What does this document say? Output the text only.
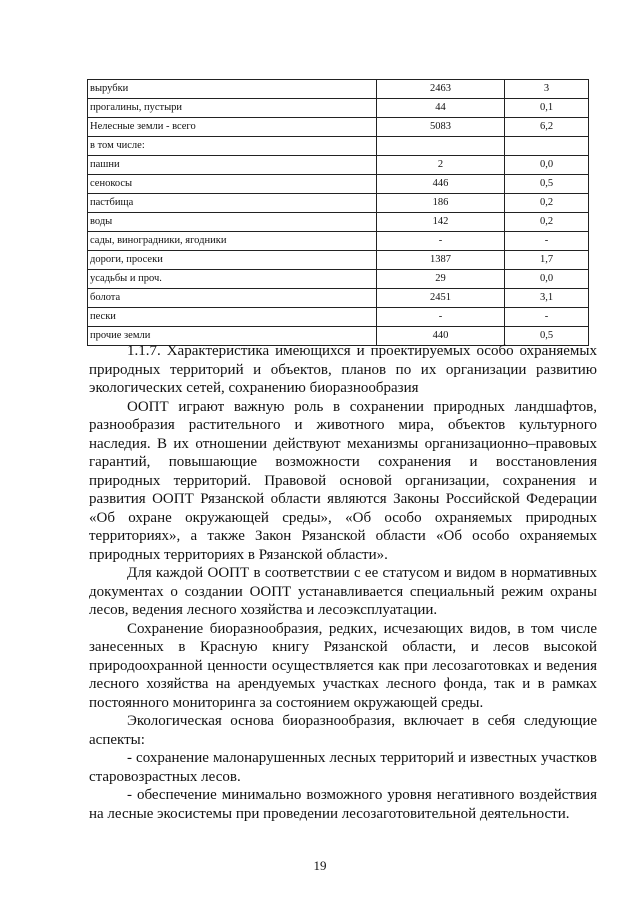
вырубки	2463	3
прогалины, пустыри	44	0,1
Нелесные земли - всего	5083	6,2
в том числе:		
пашни	2	0,0
сенокосы	446	0,5
пастбища	186	0,2
воды	142	0,2
сады, виноградники, ягодники	-	-
дороги, просеки	1387	1,7
усадьбы и проч.	29	0,0
болота	2451	3,1
пески	-	-
прочие земли	440	0,5

1.1.7. Характеристика имеющихся и проектируемых особо охраняемых природных территорий и объектов, планов по их организации развитию экологических сетей, сохранению биоразнообразия

ООПТ играют важную роль в сохранении природных ландшафтов, разнообразия растительного и животного мира, объектов культурного наследия. В их отношении действуют механизмы организационно–правовых гарантий, повышающие возможности сохранения и восстановления природных территорий. Правовой основой организации, сохранения и развития ООПТ Рязанской области являются Законы Российской Федерации «Об охране окружающей среды», «Об особо охраняемых природных территориях», а также Закон Рязанской области «Об особо охраняемых природных территориях в Рязанской области».

Для каждой ООПТ в соответствии с ее статусом и видом в нормативных документах о создании ООПТ устанавливается специальный режим охраны лесов, ведения лесного хозяйства и лесоэксплуатации.

Сохранение биоразнообразия, редких, исчезающих видов, в том числе занесенных в Красную книгу Рязанской области, и лесов высокой природоохранной ценности осуществляется как при лесозаготовках и ведения лесного хозяйства на арендуемых участках лесного фонда, так и в рамках постоянного мониторинга за состоянием окружающей среды.

Экологическая основа биоразнообразия, включает в себя следующие аспекты:

- сохранение малонарушенных лесных территорий и известных участков старовозрастных лесов.

- обеспечение минимально возможного уровня негативного воздействия на лесные экосистемы при проведении лесозаготовительной деятельности.

19
